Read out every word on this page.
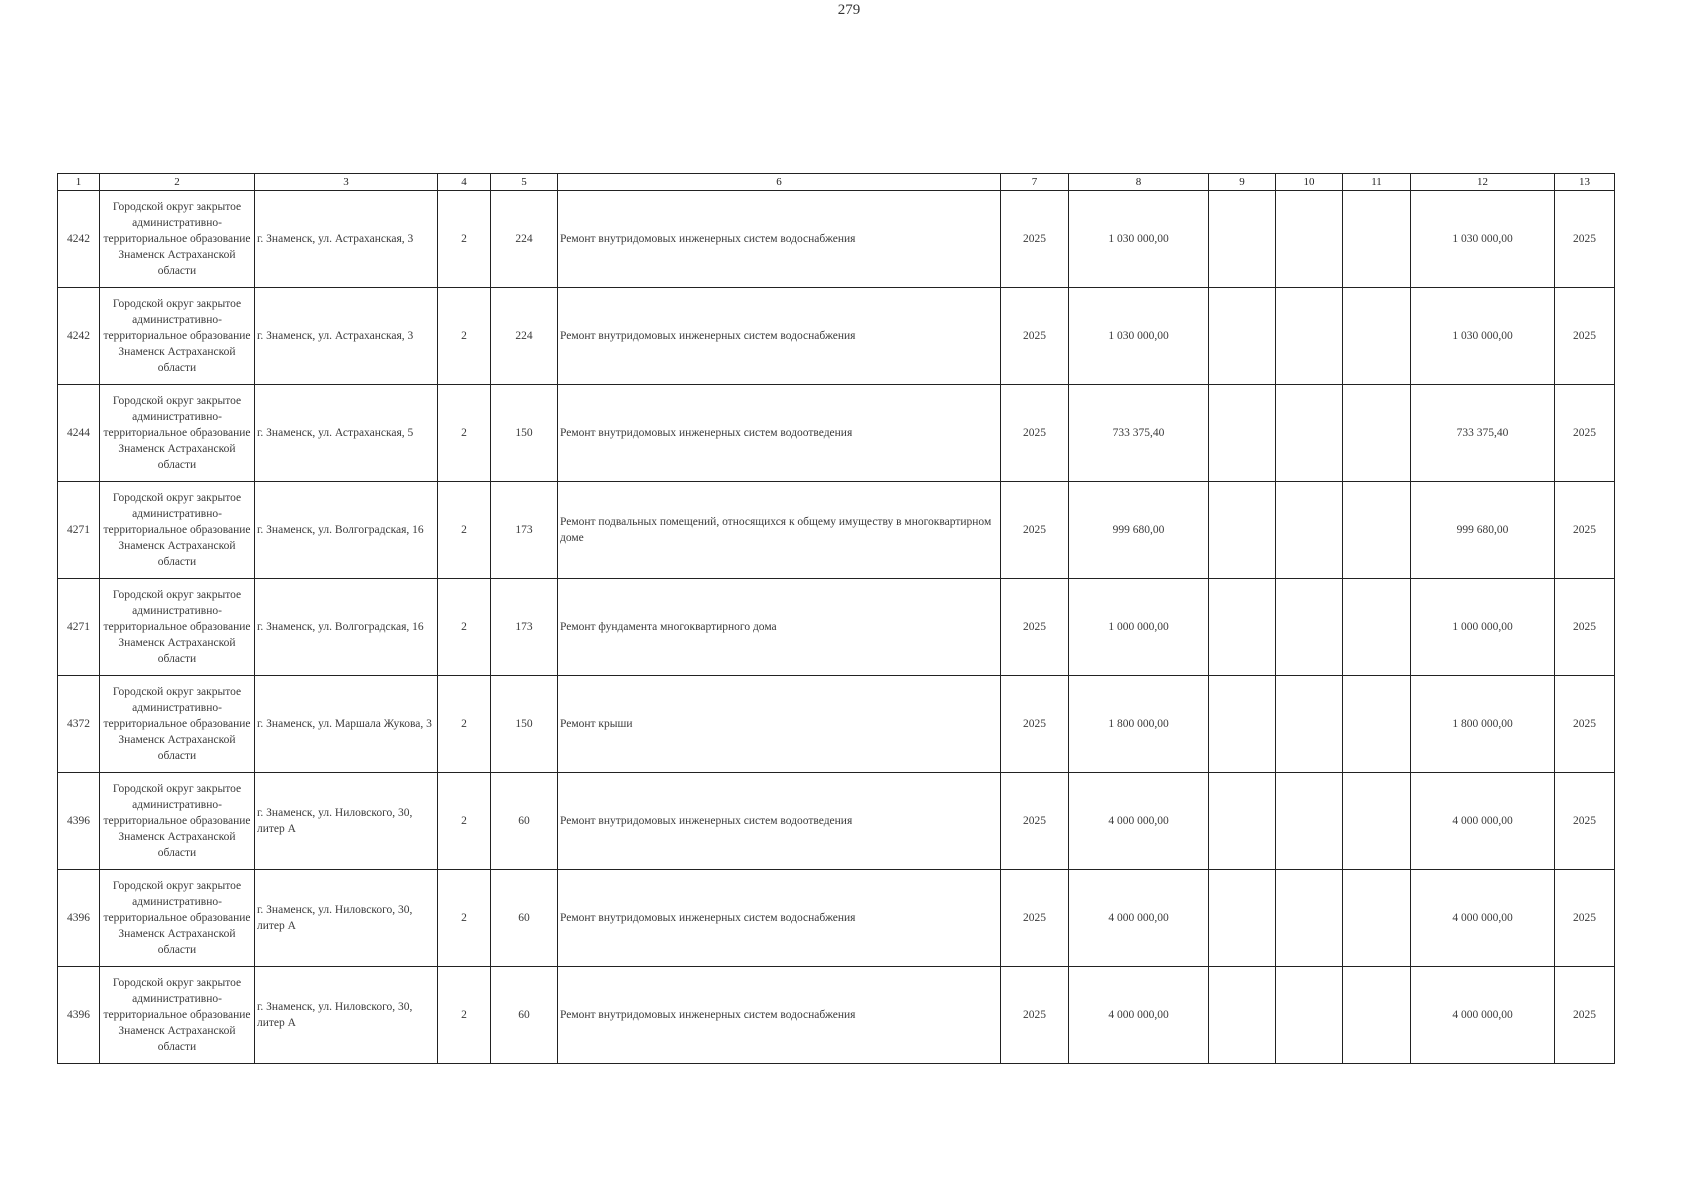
279
1	2	3	4	5	6	7	8	9	10	11	12	13
4242	Городской округ закрытое административно-территориальное образование Знаменск Астраханской области	г. Знаменск, ул. Астраханская, 3	2	224	Ремонт внутридомовых инженерных систем водоснабжения	2025	1 030 000,00				1 030 000,00	2025
4242	Городской округ закрытое административно-территориальное образование Знаменск Астраханской области	г. Знаменск, ул. Астраханская, 3	2	224	Ремонт внутридомовых инженерных систем водоснабжения	2025	1 030 000,00				1 030 000,00	2025
4244	Городской округ закрытое административно-территориальное образование Знаменск Астраханской области	г. Знаменск, ул. Астраханская, 5	2	150	Ремонт внутридомовых инженерных систем водоотведения	2025	733 375,40				733 375,40	2025
4271	Городской округ закрытое административно-территориальное образование Знаменск Астраханской области	г. Знаменск, ул. Волгоградская, 16	2	173	Ремонт подвальных помещений, относящихся к общему имуществу в многоквартирном доме	2025	999 680,00				999 680,00	2025
4271	Городской округ закрытое административно-территориальное образование Знаменск Астраханской области	г. Знаменск, ул. Волгоградская, 16	2	173	Ремонт фундамента многоквартирного дома	2025	1 000 000,00				1 000 000,00	2025
4372	Городской округ закрытое административно-территориальное образование Знаменск Астраханской области	г. Знаменск, ул. Маршала Жукова, 3	2	150	Ремонт крыши	2025	1 800 000,00				1 800 000,00	2025
4396	Городской округ закрытое административно-территориальное образование Знаменск Астраханской области	г. Знаменск, ул. Ниловского, 30, литер А	2	60	Ремонт внутридомовых инженерных систем водоотведения	2025	4 000 000,00				4 000 000,00	2025
4396	Городской округ закрытое административно-территориальное образование Знаменск Астраханской области	г. Знаменск, ул. Ниловского, 30, литер А	2	60	Ремонт внутридомовых инженерных систем водоснабжения	2025	4 000 000,00				4 000 000,00	2025
4396	Городской округ закрытое административно-территориальное образование Знаменск Астраханской области	г. Знаменск, ул. Ниловского, 30, литер А	2	60	Ремонт внутридомовых инженерных систем водоснабжения	2025	4 000 000,00				4 000 000,00	2025
